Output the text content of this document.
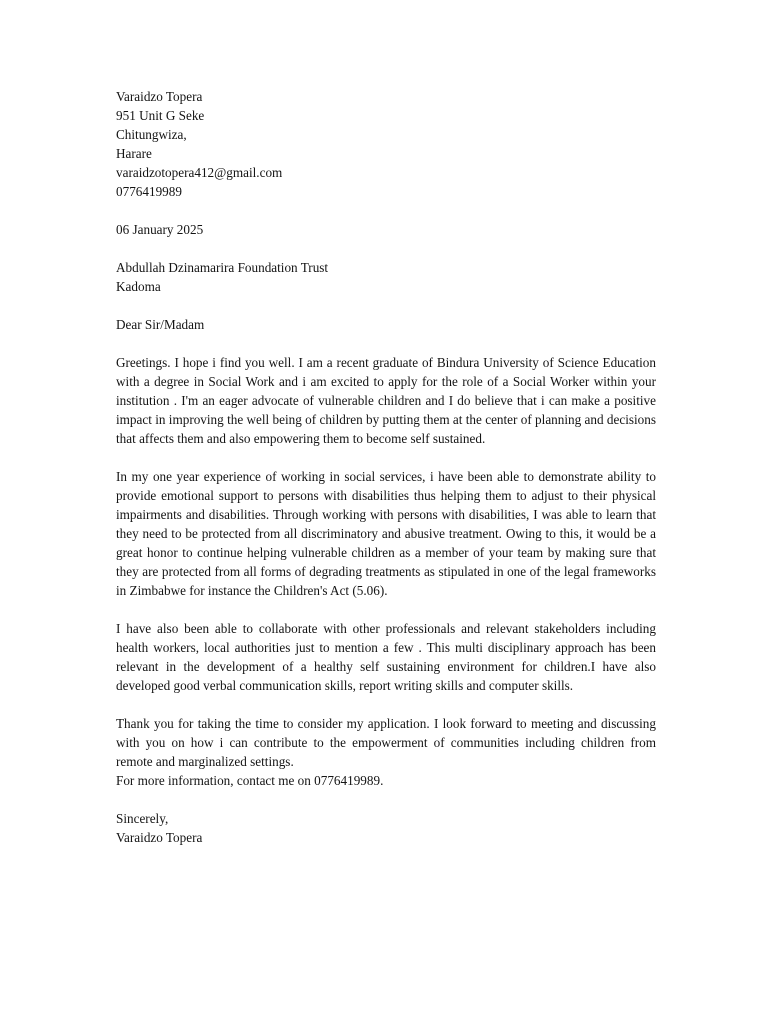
Varaidzo Topera
951 Unit G Seke
Chitungwiza,
Harare
varaidzotopera412@gmail.com
0776419989
06 January 2025
Abdullah Dzinamarira Foundation Trust
Kadoma
Dear Sir/Madam

Greetings. I hope i find you well. I am a recent graduate of Bindura University of Science Education with a degree in Social Work and i am excited to apply for the role of a Social Worker within your institution . I'm an eager advocate of vulnerable children and I do believe that i can make a positive impact in improving the well being of children by putting them at the center of planning and decisions that affects them and also empowering them to become self sustained.

In my one year experience of working in social services, i have been able to demonstrate ability to provide emotional support to persons with disabilities thus helping them to adjust to their physical impairments and disabilities. Through working with persons with disabilities, I was able to learn that they need to be protected from all discriminatory and abusive treatment. Owing to this, it would be a great honor to continue helping vulnerable children as a member of your team by making sure that they are protected from all forms of degrading treatments as stipulated in one of the legal frameworks in Zimbabwe for instance the Children's Act (5.06).

I have also been able to collaborate with other professionals and relevant stakeholders including health workers, local authorities just to mention a few . This multi disciplinary approach has been relevant in the development of a healthy self sustaining environment for children.I have also developed good verbal communication skills, report writing skills and computer skills.

Thank you for taking the time to consider my application. I look forward to meeting and discussing with you on how i can contribute to the empowerment of communities including children from remote and marginalized settings.

For more information, contact me on 0776419989.
Sincerely,
Varaidzo Topera
